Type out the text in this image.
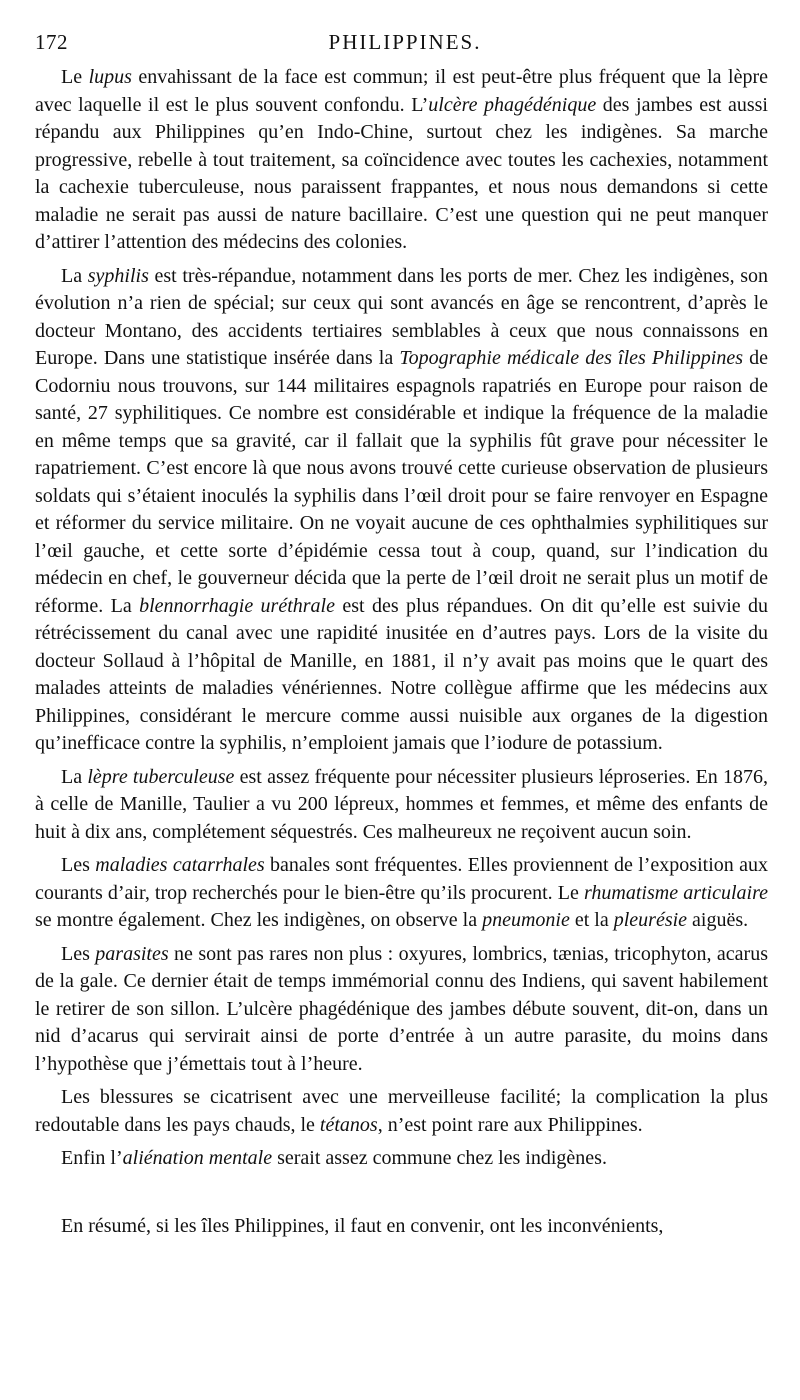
172	PHILIPPINES.

Le lupus envahissant de la face est commun; il est peut-être plus fréquent que la lèpre avec laquelle il est le plus souvent confondu. L’ulcère phagédénique des jambes est aussi répandu aux Philippines qu’en Indo-Chine, surtout chez les indigènes. Sa marche progressive, rebelle à tout traitement, sa coïncidence avec toutes les cachexies, notamment la cachexie tuberculeuse, nous paraissent frappantes, et nous nous demandons si cette maladie ne serait pas aussi de nature bacillaire. C’est une question qui ne peut manquer d’attirer l’attention des médecins des colonies.

La syphilis est très-répandue, notamment dans les ports de mer. Chez les indigènes, son évolution n’a rien de spécial; sur ceux qui sont avancés en âge se rencontrent, d’après le docteur Montano, des accidents tertiaires semblables à ceux que nous connaissons en Europe. Dans une statistique insérée dans la Topographie médicale des îles Philippines de Codorniu nous trouvons, sur 144 militaires espagnols rapatriés en Europe pour raison de santé, 27 syphilitiques. Ce nombre est considérable et indique la fréquence de la maladie en même temps que sa gravité, car il fallait que la syphilis fût grave pour nécessiter le rapatriement. C’est encore là que nous avons trouvé cette curieuse observation de plusieurs soldats qui s’étaient inoculés la syphilis dans l’œil droit pour se faire renvoyer en Espagne et réformer du service militaire. On ne voyait aucune de ces ophthalmies syphilitiques sur l’œil gauche, et cette sorte d’épidémie cessa tout à coup, quand, sur l’indication du médecin en chef, le gouverneur décida que la perte de l’œil droit ne serait plus un motif de réforme. La blennorrhagie uréthrale est des plus répandues. On dit qu’elle est suivie du rétrécissement du canal avec une rapidité inusitée en d’autres pays. Lors de la visite du docteur Sollaud à l’hôpital de Manille, en 1881, il n’y avait pas moins que le quart des malades atteints de maladies vénériennes. Notre collègue affirme que les médecins aux Philippines, considérant le mercure comme aussi nuisible aux organes de la digestion qu’inefficace contre la syphilis, n’emploient jamais que l’iodure de potassium.

La lèpre tuberculeuse est assez fréquente pour nécessiter plusieurs léproseries. En 1876, à celle de Manille, Taulier a vu 200 lépreux, hommes et femmes, et même des enfants de huit à dix ans, complétement séquestrés. Ces malheureux ne reçoivent aucun soin.

Les maladies catarrhales banales sont fréquentes. Elles proviennent de l’exposition aux courants d’air, trop recherchés pour le bien-être qu’ils procurent. Le rhumatisme articulaire se montre également. Chez les indigènes, on observe la pneumonie et la pleurésie aiguës.

Les parasites ne sont pas rares non plus : oxyures, lombrics, tænias, tricophyton, acarus de la gale. Ce dernier était de temps immémorial connu des Indiens, qui savent habilement le retirer de son sillon. L’ulcère phagédénique des jambes débute souvent, dit-on, dans un nid d’acarus qui servirait ainsi de porte d’entrée à un autre parasite, du moins dans l’hypothèse que j’émettais tout à l’heure.

Les blessures se cicatrisent avec une merveilleuse facilité; la complication la plus redoutable dans les pays chauds, le tétanos, n’est point rare aux Philippines.

Enfin l’aliénation mentale serait assez commune chez les indigènes.

En résumé, si les îles Philippines, il faut en convenir, ont les inconvénients,
